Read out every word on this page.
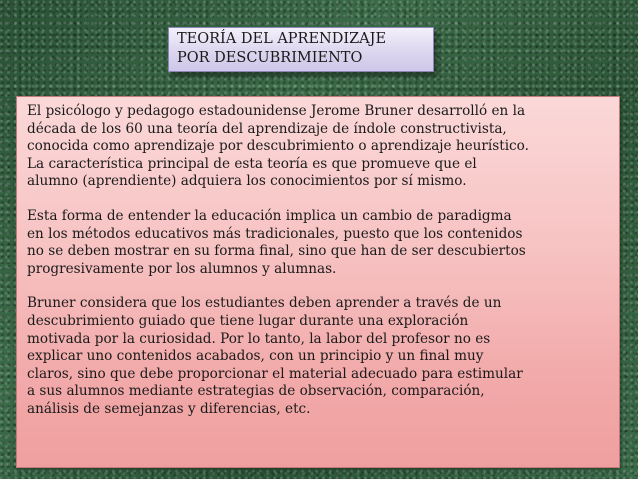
TEORÍA DEL APRENDIZAJE
POR DESCUBRIMIENTO
El psicólogo y pedagogo estadounidense Jerome Bruner desarrolló en la
década de los 60 una teoría del aprendizaje de índole constructivista,
conocida como aprendizaje por descubrimiento o aprendizaje heurístico.
La característica principal de esta teoría es que promueve que el
alumno (aprendiente) adquiera los conocimientos por sí mismo.
Esta forma de entender la educación implica un cambio de paradigma
en los métodos educativos más tradicionales, puesto que los contenidos
no se deben mostrar en su forma final, sino que han de ser descubiertos
progresivamente por los alumnos y alumnas.
Bruner considera que los estudiantes deben aprender a través de un
descubrimiento guiado que tiene lugar durante una exploración
motivada por la curiosidad. Por lo tanto, la labor del profesor no es
explicar uno contenidos acabados, con un principio y un final muy
claros, sino que debe proporcionar el material adecuado para estimular
a sus alumnos mediante estrategias de observación, comparación,
análisis de semejanzas y diferencias, etc.
